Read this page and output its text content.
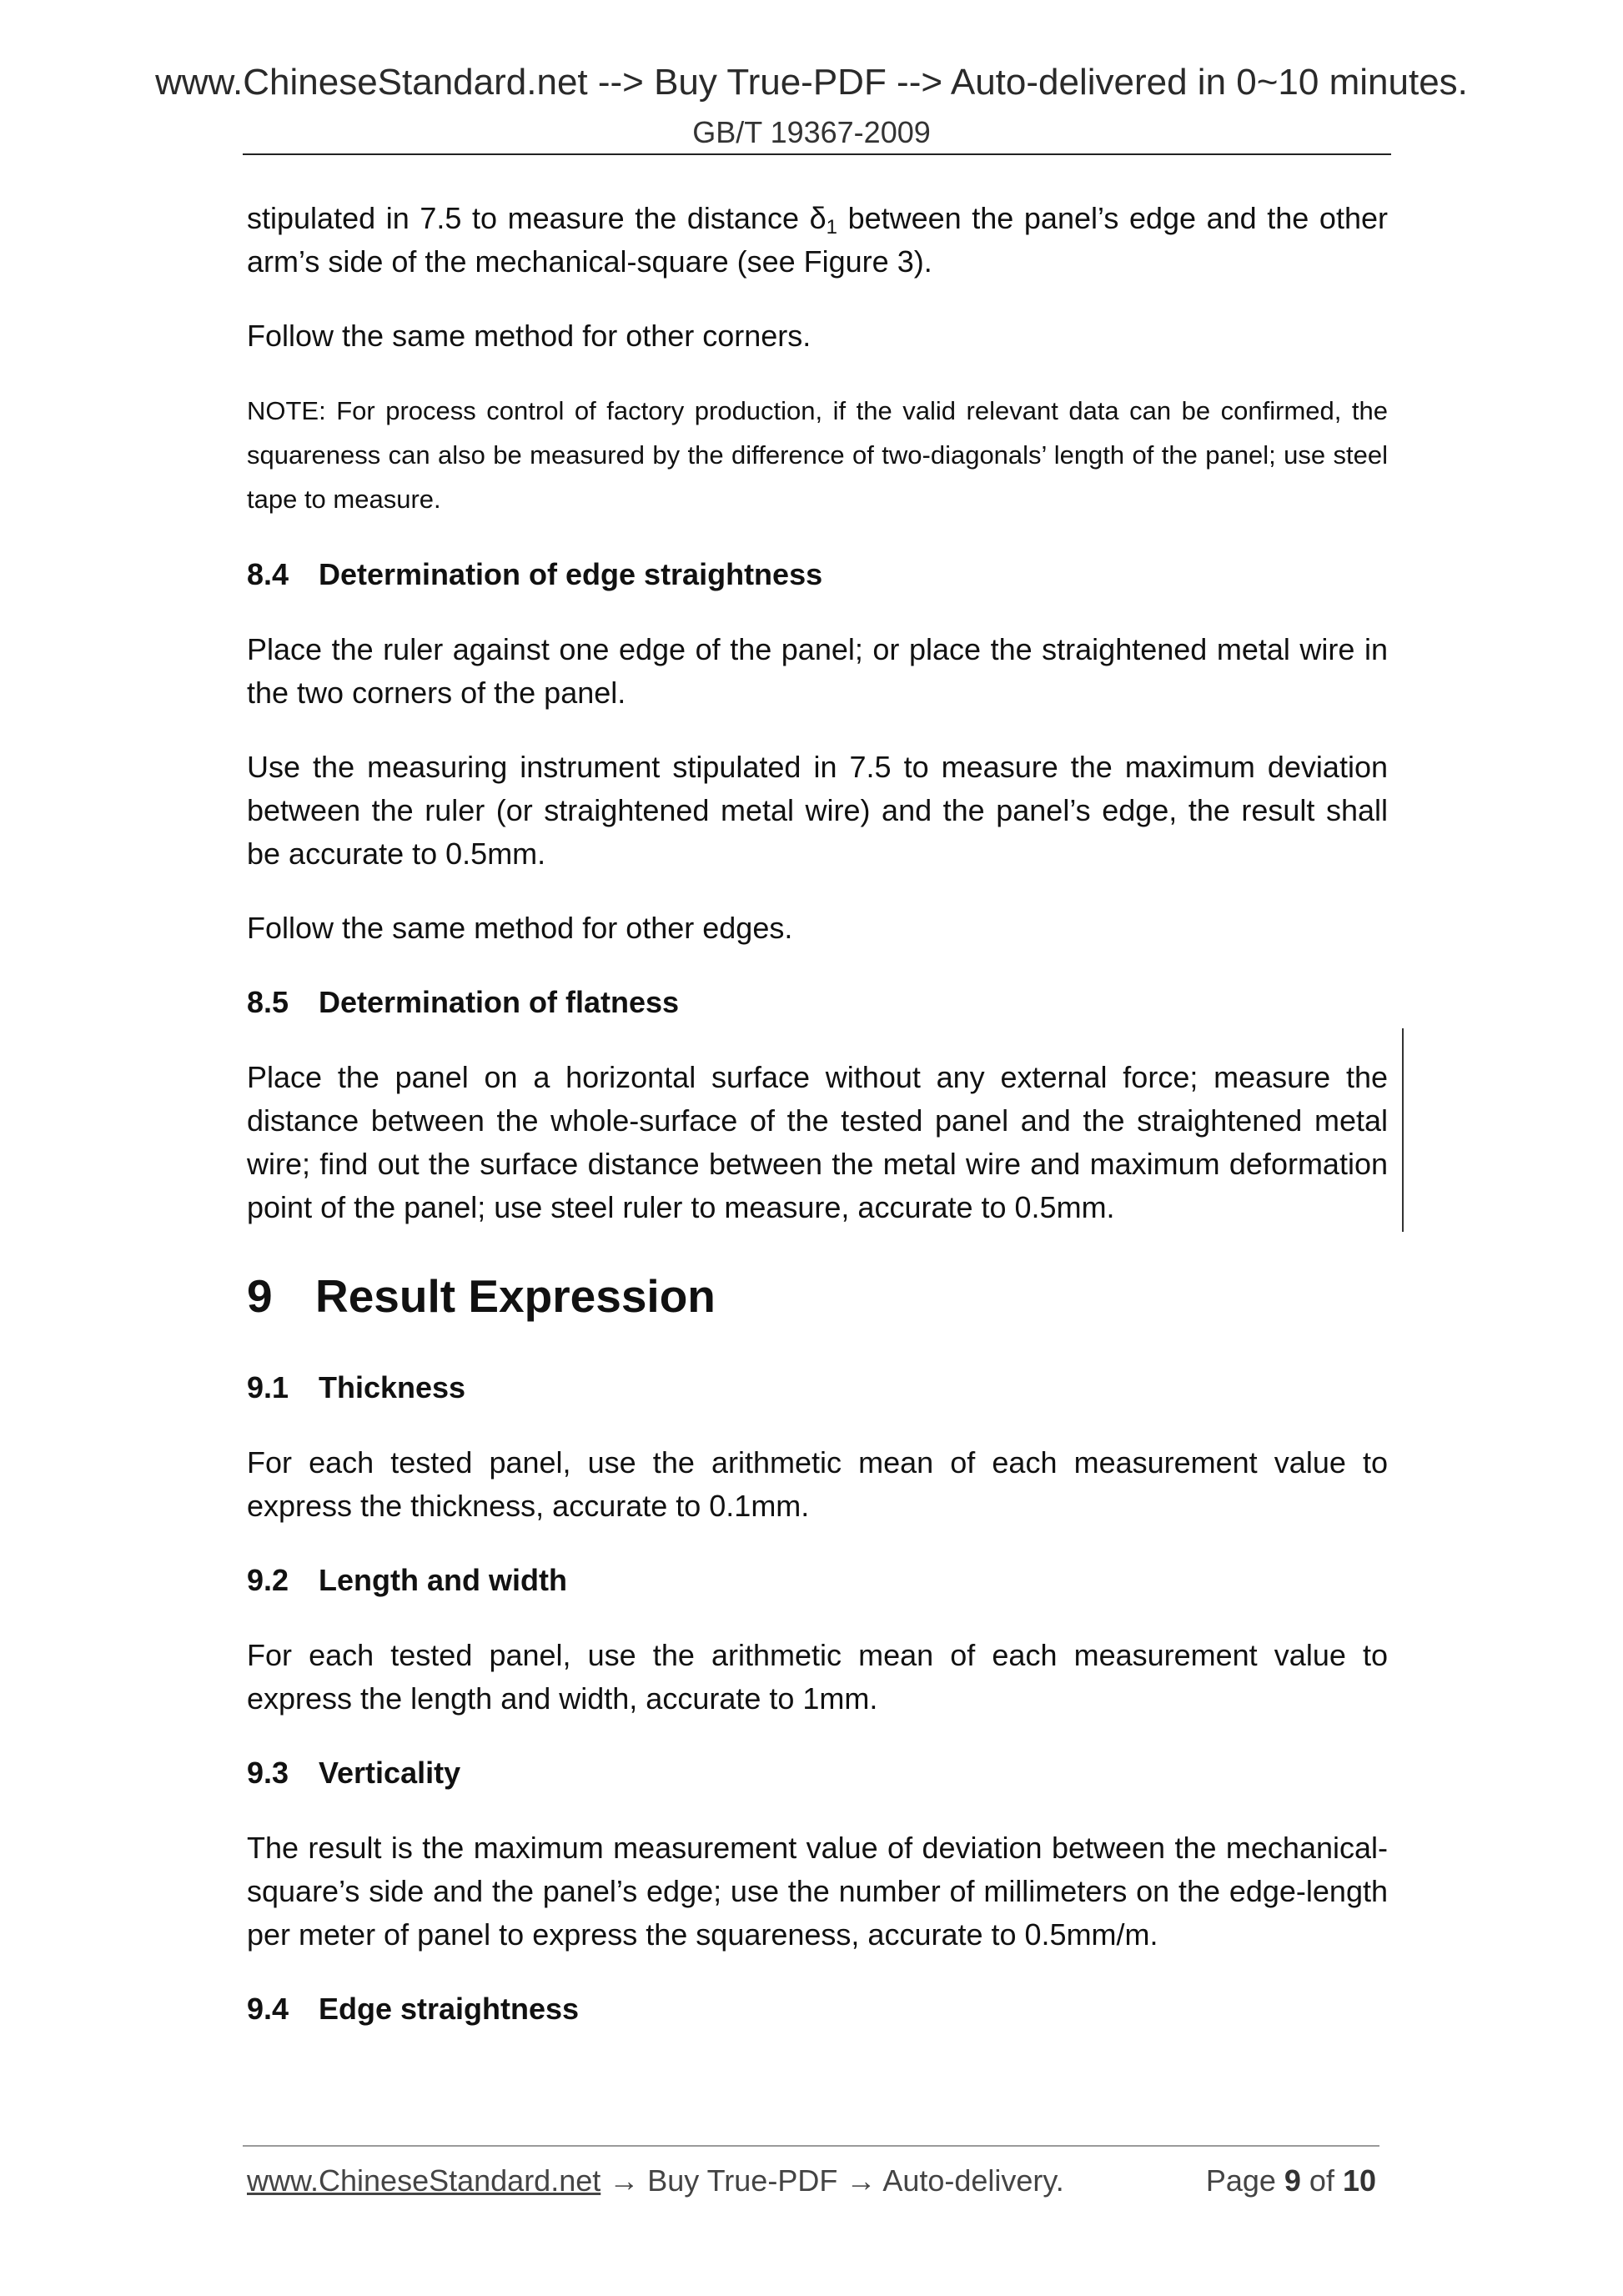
www.ChineseStandard.net --> Buy True-PDF --> Auto-delivered in 0~10 minutes.
GB/T 19367-2009

stipulated in 7.5 to measure the distance $\delta_1$ between the panel’s edge and the other arm’s side of the mechanical-square (see Figure 3).

Follow the same method for other corners.

NOTE: For process control of factory production, if the valid relevant data can be confirmed, the squareness can also be measured by the difference of two-diagonals’ length of the panel; use steel tape to measure.

8.4 Determination of edge straightness

Place the ruler against one edge of the panel; or place the straightened metal wire in the two corners of the panel.

Use the measuring instrument stipulated in 7.5 to measure the maximum deviation between the ruler (or straightened metal wire) and the panel’s edge, the result shall be accurate to 0.5mm.

Follow the same method for other edges.

8.5 Determination of flatness

Place the panel on a horizontal surface without any external force; measure the distance between the whole-surface of the tested panel and the straightened metal wire; find out the surface distance between the metal wire and maximum deformation point of the panel; use steel ruler to measure, accurate to 0.5mm.

9 Result Expression
9.1 Thickness

For each tested panel, use the arithmetic mean of each measurement value to express the thickness, accurate to 0.1mm.

9.2 Length and width

For each tested panel, use the arithmetic mean of each measurement value to express the length and width, accurate to 1mm.

9.3 Verticality

The result is the maximum measurement value of deviation between the mechanical-square’s side and the panel’s edge; use the number of millimeters on the edge-length per meter of panel to express the squareness, accurate to 0.5mm/m.

9.4 Edge straightness
www.ChineseStandard.net → Buy True-PDF → Auto-delivery.	Page 9 of 10
